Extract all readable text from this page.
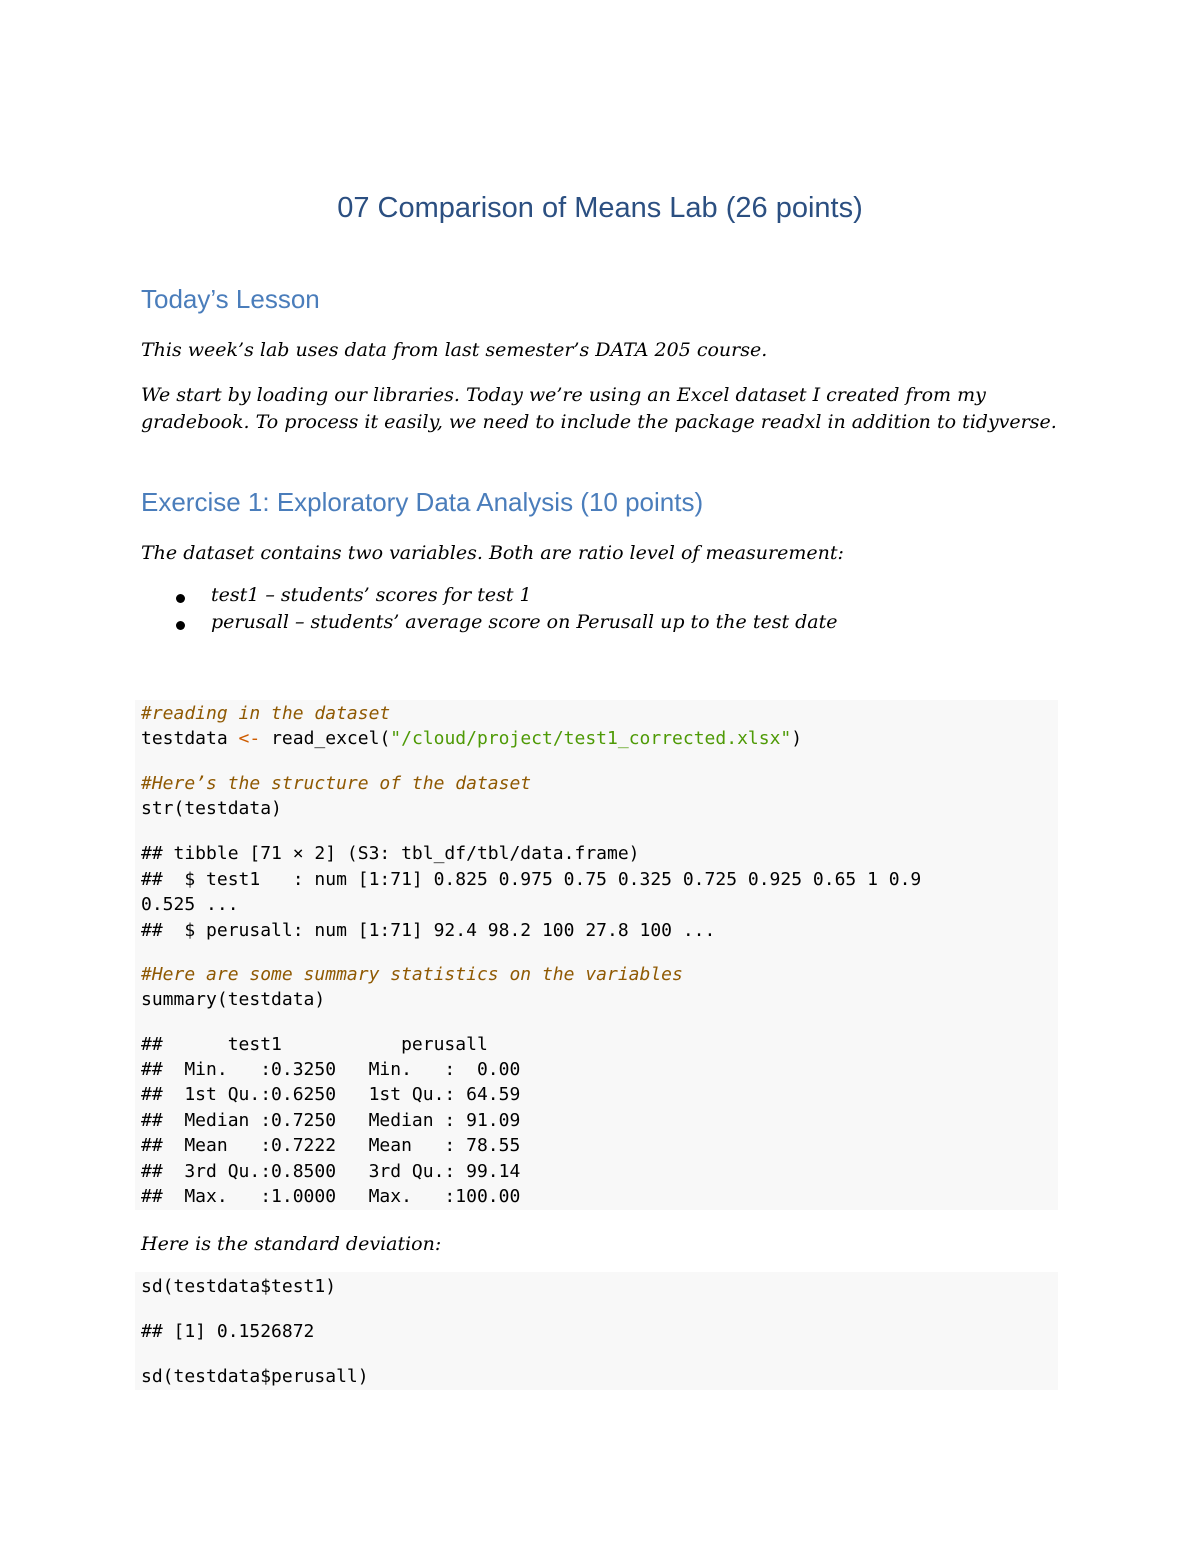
07 Comparison of Means Lab (26 points)
Today’s Lesson
This week’s lab uses data from last semester’s DATA 205 course.
We start by loading our libraries. Today we’re using an Excel dataset I created from my
gradebook. To process it easily, we need to include the package readxl in addition to tidyverse.
Exercise 1: Exploratory Data Analysis (10 points)
The dataset contains two variables. Both are ratio level of measurement:
test1 – students’ scores for test 1
perusall – students’ average score on Perusall up to the test date
#reading in the dataset
testdata <- read_excel("/cloud/project/test1_corrected.xlsx")
#Here’s the structure of the dataset
str(testdata)
## tibble [71 × 2] (S3: tbl_df/tbl/data.frame)
##  $ test1   : num [1:71] 0.825 0.975 0.75 0.325 0.725 0.925 0.65 1 0.9
0.525 ...
##  $ perusall: num [1:71] 92.4 98.2 100 27.8 100 ...
#Here are some summary statistics on the variables
summary(testdata)
##      test1           perusall
##  Min.   :0.3250   Min.   :  0.00
##  1st Qu.:0.6250   1st Qu.: 64.59
##  Median :0.7250   Median : 91.09
##  Mean   :0.7222   Mean   : 78.55
##  3rd Qu.:0.8500   3rd Qu.: 99.14
##  Max.   :1.0000   Max.   :100.00
Here is the standard deviation:
sd(testdata$test1)
## [1] 0.1526872
sd(testdata$perusall)
